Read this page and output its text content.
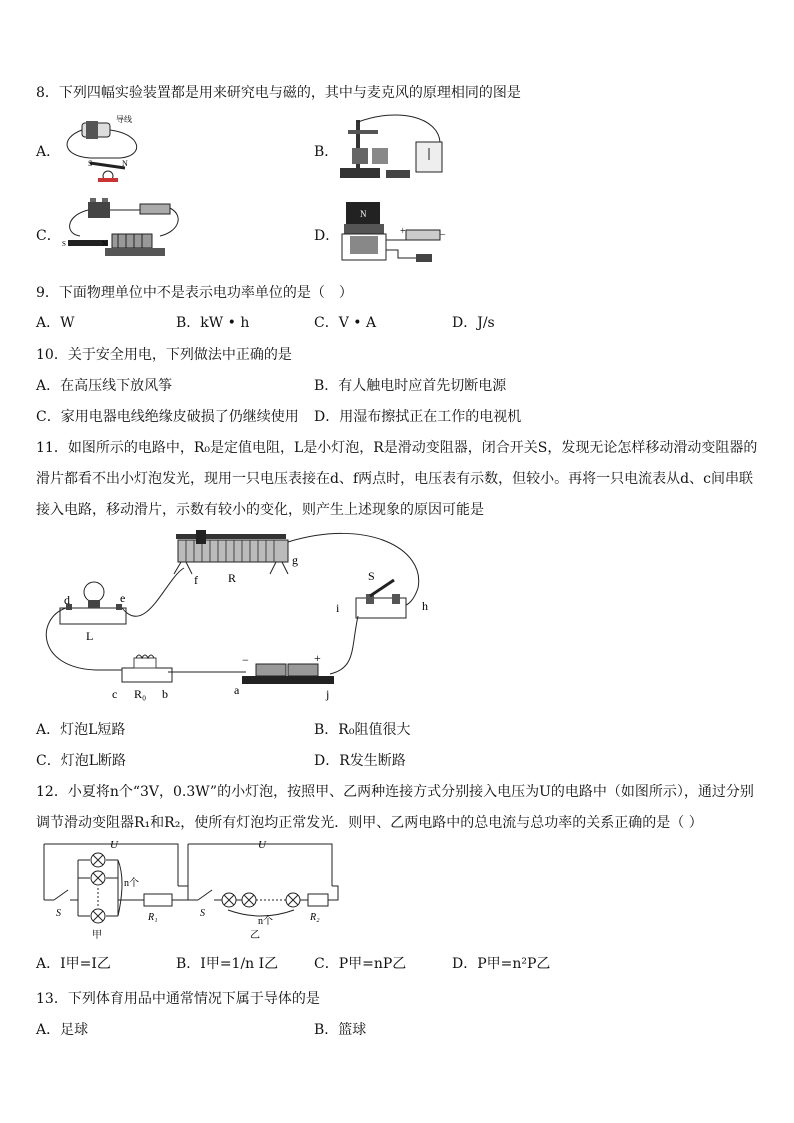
8．下列四幅实验装置都是用来研究电与磁的，其中与麦克风的原理相同的图是
A．
导线
S	N
B．
C． S	N	D．
N
+	−
9．下面物理单位中不是表示电功率单位的是（　）
A．W	B．kW • h	C．V • A	D．J/s
10．关于安全用电，下列做法中正确的是
A．在高压线下放风筝	B．有人触电时应首先切断电源
C．家用电器电线绝缘皮破损了仍继续使用 D．用湿布擦拭正在工作的电视机
11．如图所示的电路中，R₀是定值电阻，L是小灯泡，R是滑动变阻器，闭合开关S，发现无论怎样移动滑动变阻器的
滑片都看不出小灯泡发光，现用一只电压表接在d、f两点时，电压表有示数，但较小。再将一只电流表从d、c间串联
接入电路，移动滑片，示数有较小的变化，则产生上述现象的原因可能是
d	e
L
f	R
g
S
i	h
c R₀ b	a	j
−	+
A．灯泡L短路	B．R₀阻值很大
C．灯泡L断路	D．R发生断路
12．小夏将n个“3V，0.3W”的小灯泡，按照甲、乙两种连接方式分别接入电压为U的电路中（如图所示），通过分别
调节滑动变阻器R₁和R₂，使所有灯泡均正常发光．则甲、乙两电路中的总电流与总功率的关系正确的是（ ）
U	U
n个
n个
S	S
R₁	R₂
甲	乙
A．I甲=I乙	B．I甲=1/n I乙	C．P甲=nP乙	D．P甲=n²P乙
13．下列体育用品中通常情况下属于导体的是
A．足球	B．篮球
